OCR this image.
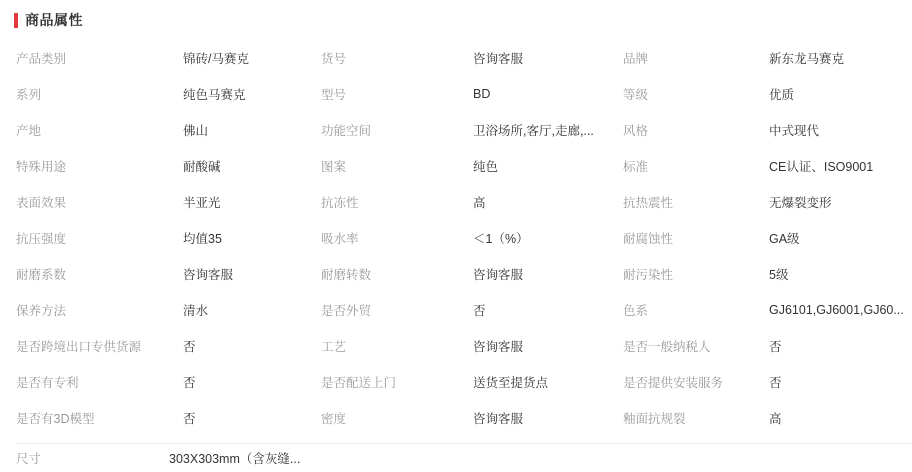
商品属性
产品类别	锦砖/马赛克	货号	咨询客服	品牌	新东龙马赛克
系列	纯色马赛克	型号	BD	等级	优质
产地	佛山	功能空间	卫浴场所,客厅,走廊,...	风格	中式现代
特殊用途	耐酸碱	图案	纯色	标准	CE认证、ISO9001
表面效果	半亚光	抗冻性	高	抗热震性	无爆裂变形
抗压强度	均值35	吸水率	＜1（%）	耐腐蚀性	GA级
耐磨系数	咨询客服	耐磨转数	咨询客服	耐污染性	5级
保养方法	清水	是否外贸	否	色系	GJ6101,GJ6001,GJ60...
是否跨境出口专供货源	否	工艺	咨询客服	是否一般纳税人	否
是否有专利	否	是否配送上门	送货至提货点	是否提供安装服务	否
是否有3D模型	否	密度	咨询客服	釉面抗规裂	高
尺寸	303X303mm（含灰缝...
